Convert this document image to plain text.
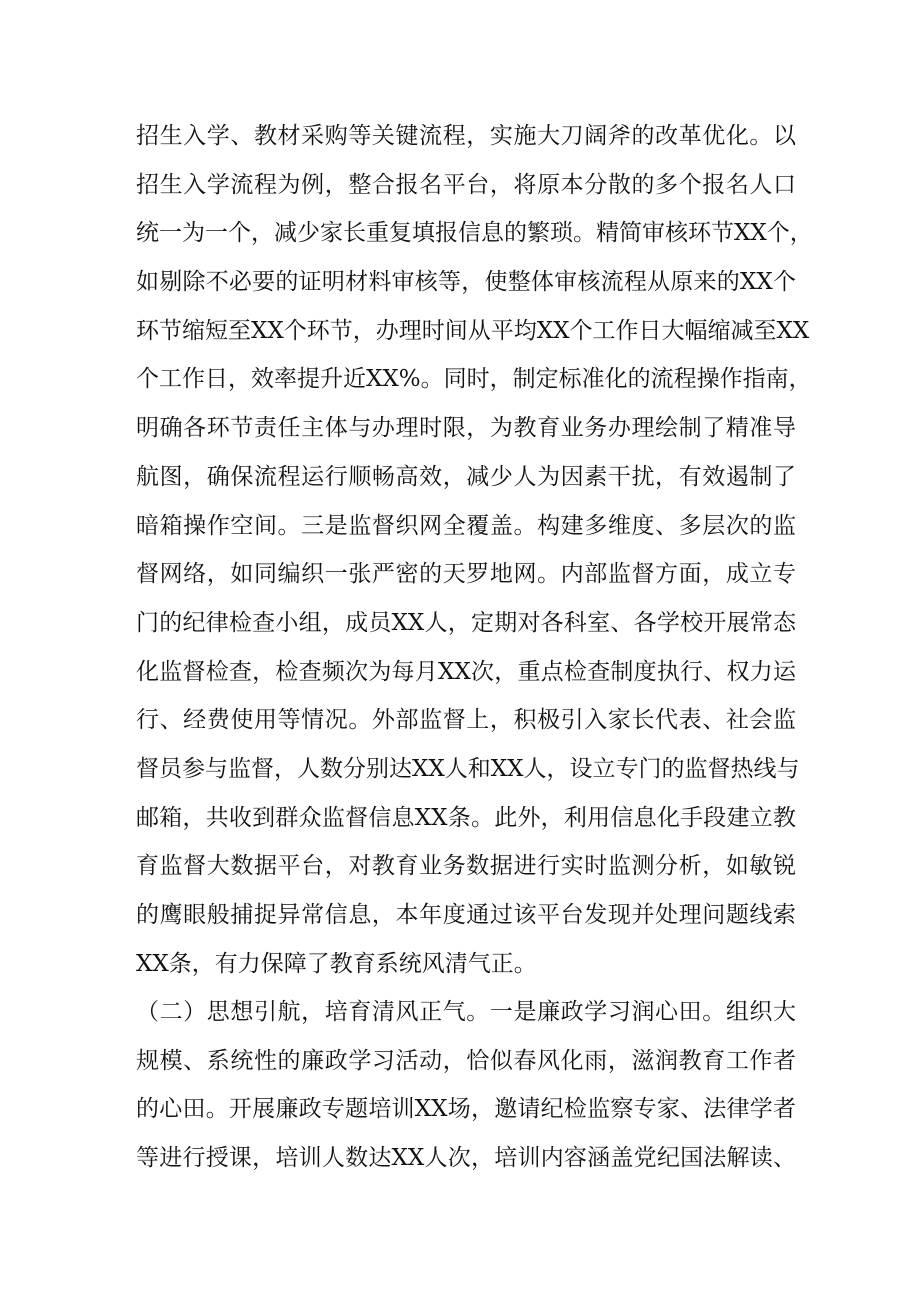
招生入学、教材采购等关键流程，实施大刀阔斧的改革优化。以
招生入学流程为例，整合报名平台，将原本分散的多个报名人口
统一为一个，减少家长重复填报信息的繁琐。精简审核环节XX个，
如剔除不必要的证明材料审核等，使整体审核流程从原来的XX个
环节缩短至XX个环节，办理时间从平均XX个工作日大幅缩减至XX
个工作日，效率提升近XX%。同时，制定标准化的流程操作指南，
明确各环节责任主体与办理时限，为教育业务办理绘制了精准导
航图，确保流程运行顺畅高效，减少人为因素干扰，有效遏制了
暗箱操作空间。三是监督织网全覆盖。构建多维度、多层次的监
督网络，如同编织一张严密的天罗地网。内部监督方面，成立专
门的纪律检查小组，成员XX人，定期对各科室、各学校开展常态
化监督检查，检查频次为每月XX次，重点检查制度执行、权力运
行、经费使用等情况。外部监督上，积极引入家长代表、社会监
督员参与监督，人数分别达XX人和XX人，设立专门的监督热线与
邮箱，共收到群众监督信息XX条。此外，利用信息化手段建立教
育监督大数据平台，对教育业务数据进行实时监测分析，如敏锐
的鹰眼般捕捉异常信息，本年度通过该平台发现并处理问题线索
XX条，有力保障了教育系统风清气正。
（二）思想引航，培育清风正气。一是廉政学习润心田。组织大
规模、系统性的廉政学习活动，恰似春风化雨，滋润教育工作者
的心田。开展廉政专题培训XX场，邀请纪检监察专家、法律学者
等进行授课，培训人数达XX人次，培训内容涵盖党纪国法解读、
